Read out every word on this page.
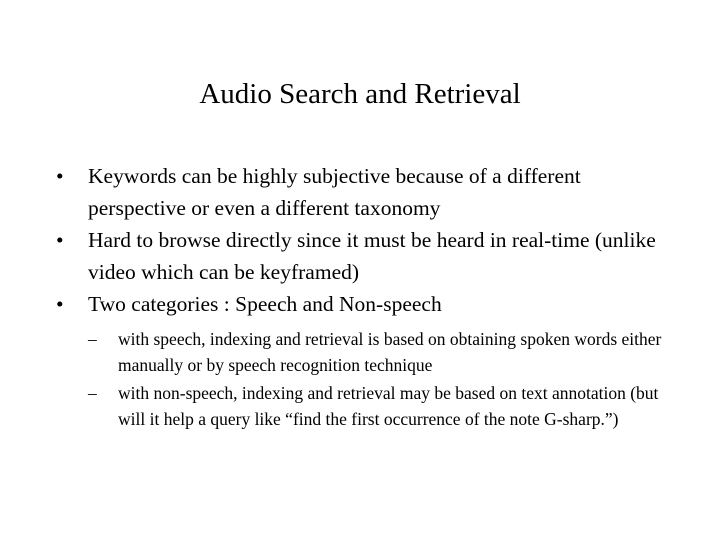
Audio Search and Retrieval
•	Keywords can be highly subjective because of a different perspective or even a different taxonomy
•	Hard to browse directly since it must be heard in real-time (unlike video which can be keyframed)
•	Two categories : Speech and Non-speech
–	with speech, indexing and retrieval is based on obtaining spoken words either manually or by speech recognition technique
–	with non-speech, indexing and retrieval may be based on text annotation (but will it help a query like “find the first occurrence of the note G-sharp.”)
